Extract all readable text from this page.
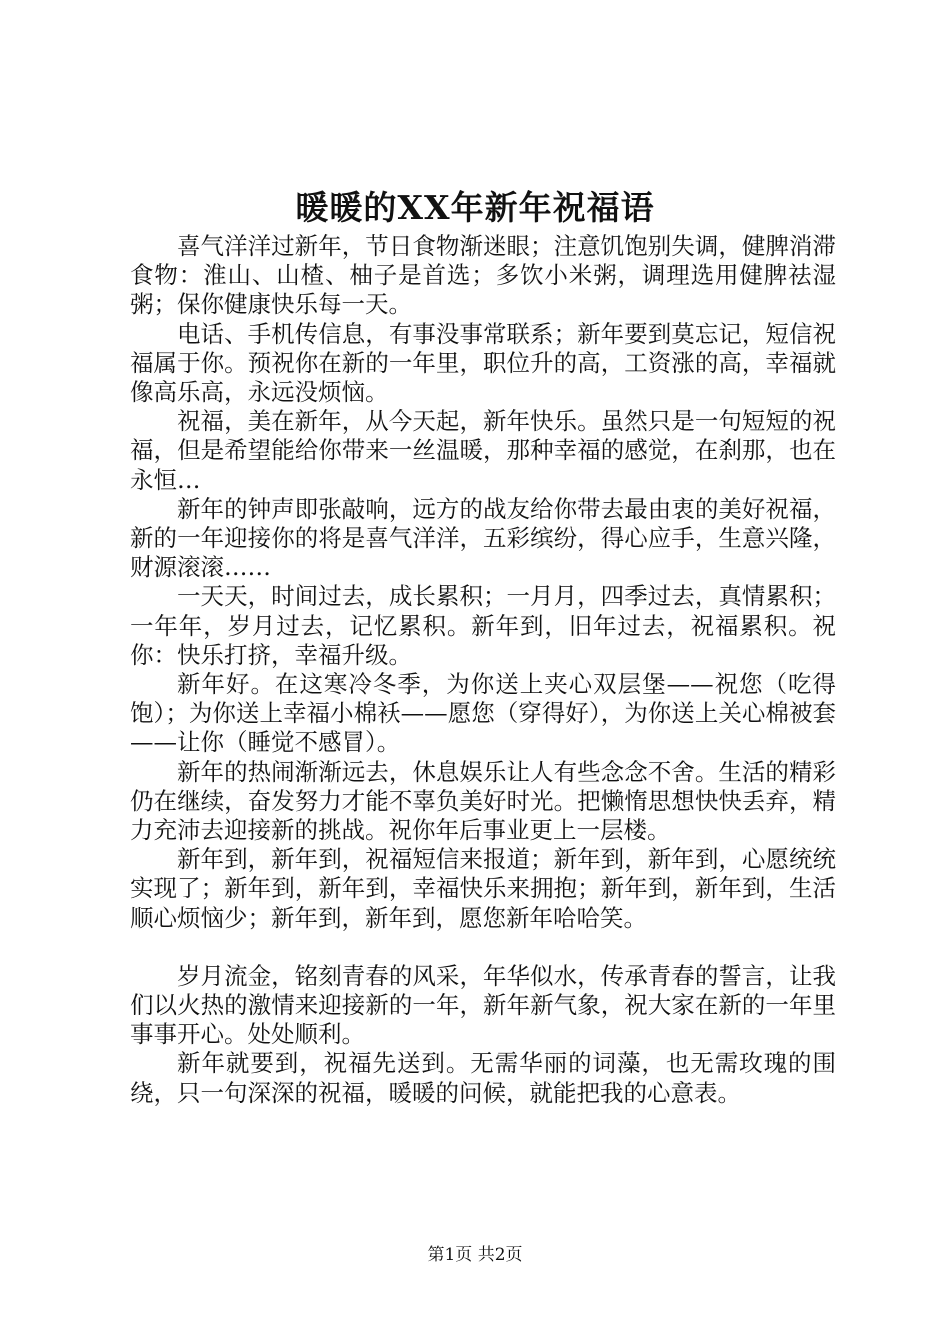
暖暖的XX年新年祝福语

喜气洋洋过新年，节日食物渐迷眼；注意饥饱别失调，健脾消滞食物：淮山、山楂、柚子是首选；多饮小米粥，调理选用健脾祛湿粥；保你健康快乐每一天。

电话、手机传信息，有事没事常联系；新年要到莫忘记，短信祝福属于你。预祝你在新的一年里，职位升的高，工资涨的高，幸福就像高乐高，永远没烦恼。

祝福，美在新年，从今天起，新年快乐。虽然只是一句短短的祝福，但是希望能给你带来一丝温暖，那种幸福的感觉，在刹那，也在永恒…

新年的钟声即张敲响，远方的战友给你带去最由衷的美好祝福，新的一年迎接你的将是喜气洋洋，五彩缤纷，得心应手，生意兴隆，财源滚滚……

一天天，时间过去，成长累积；一月月，四季过去，真情累积；一年年，岁月过去，记忆累积。新年到，旧年过去，祝福累积。祝你：快乐打挤，幸福升级。

新年好。在这寒冷冬季，为你送上夹心双层堡——祝您（吃得饱）；为你送上幸福小棉袄——愿您（穿得好），为你送上关心棉被套——让你（睡觉不感冒）。

新年的热闹渐渐远去，休息娱乐让人有些念念不舍。生活的精彩仍在继续，奋发努力才能不辜负美好时光。把懒惰思想快快丢弃，精力充沛去迎接新的挑战。祝你年后事业更上一层楼。

新年到，新年到，祝福短信来报道；新年到，新年到，心愿统统实现了；新年到，新年到，幸福快乐来拥抱；新年到，新年到，生活顺心烦恼少；新年到，新年到，愿您新年哈哈笑。

岁月流金，铭刻青春的风采，年华似水，传承青春的誓言，让我们以火热的激情来迎接新的一年，新年新气象，祝大家在新的一年里事事开心。处处顺利。

新年就要到，祝福先送到。无需华丽的词藻，也无需玫瑰的围绕，只一句深深的祝福，暖暖的问候，就能把我的心意表。

第1页 共2页
